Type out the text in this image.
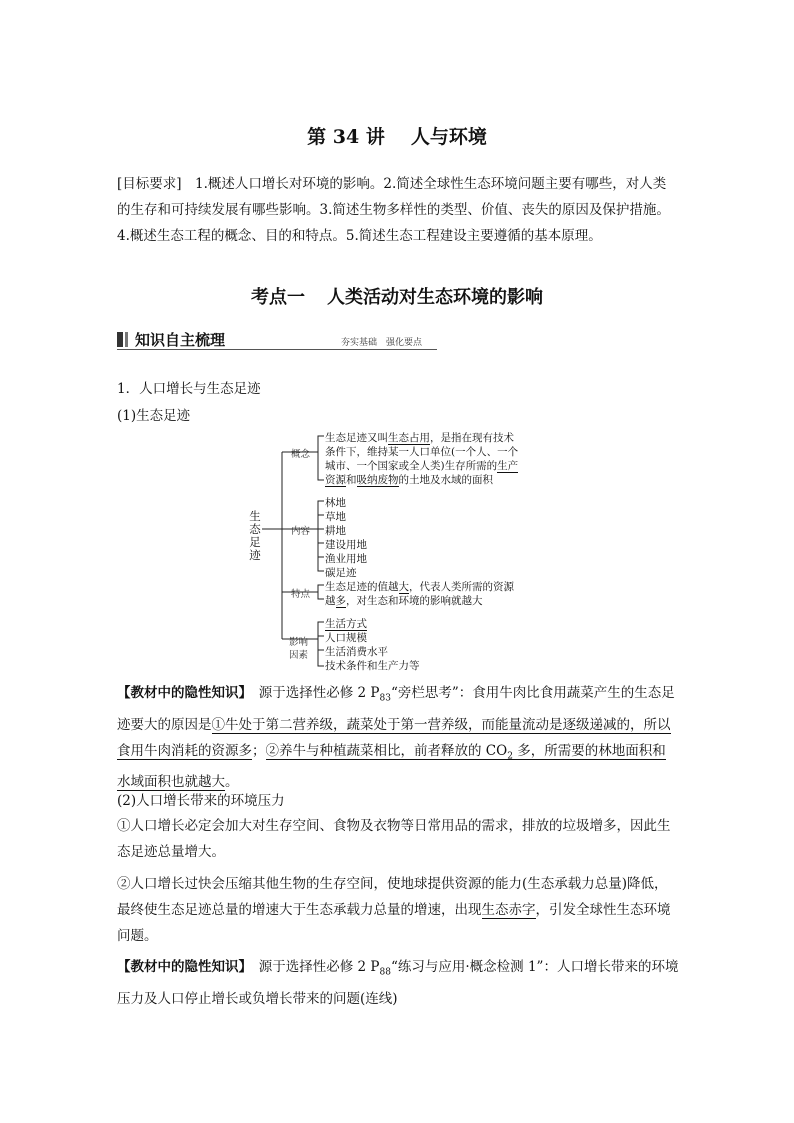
第 34 讲 人与环境
[目标要求]　1.概述人口增长对环境的影响。2.简述全球性生态环境问题主要有哪些，对人类的生存和可持续发展有哪些影响。3.简述生物多样性的类型、价值、丧失的原因及保护措施。4.概述生态工程的概念、目的和特点。5.简述生态工程建设主要遵循的基本原理。
考点一 人类活动对生态环境的影响
知识自主梳理	夯实基础　强化要点
1．人口增长与生态足迹
(1)生态足迹
生态足迹
概念
生态足迹又叫生态占用，是指在现有技术
条件下，维持某一人口单位(一个人、一个
城市、一个国家或全人类)生存所需的生产
资源和吸纳废物的土地及水域的面积
内容
林地
草地
耕地
建设用地
渔业用地
碳足迹
特点
生态足迹的值越大，代表人类所需的资源
越多，对生态和环境的影响就越大
影响
因素
生活方式
人口规模
生活消费水平
技术条件和生产力等
【教材中的隐性知识】　 源于选择性必修 2 $P_{83}“$旁栏思考”：食用牛肉比食用蔬菜产生的生态足迹要大的原因是①牛处于第二营养级，蔬菜处于第一营养级，而能量流动是逐级递减的，所以食用牛肉消耗的资源多；②养牛与种植蔬菜相比，前者释放的 $CO_2$ 多，所需要的林地面积和水域面积也就越大。
(2)人口增长带来的环境压力
①人口增长必定会加大对生存空间、食物及衣物等日常用品的需求，排放的垃圾增多，因此生态足迹总量增大。
②人口增长过快会压缩其他生物的生存空间，使地球提供资源的能力(生态承载力总量)降低，最终使生态足迹总量的增速大于生态承载力总量的增速，出现生态赤字，引发全球性生态环境问题。
【教材中的隐性知识】　 源于选择性必修 2 $P_{88}“$练习与应用·概念检测 1”：人口增长带来的环境压力及人口停止增长或负增长带来的问题(连线)
